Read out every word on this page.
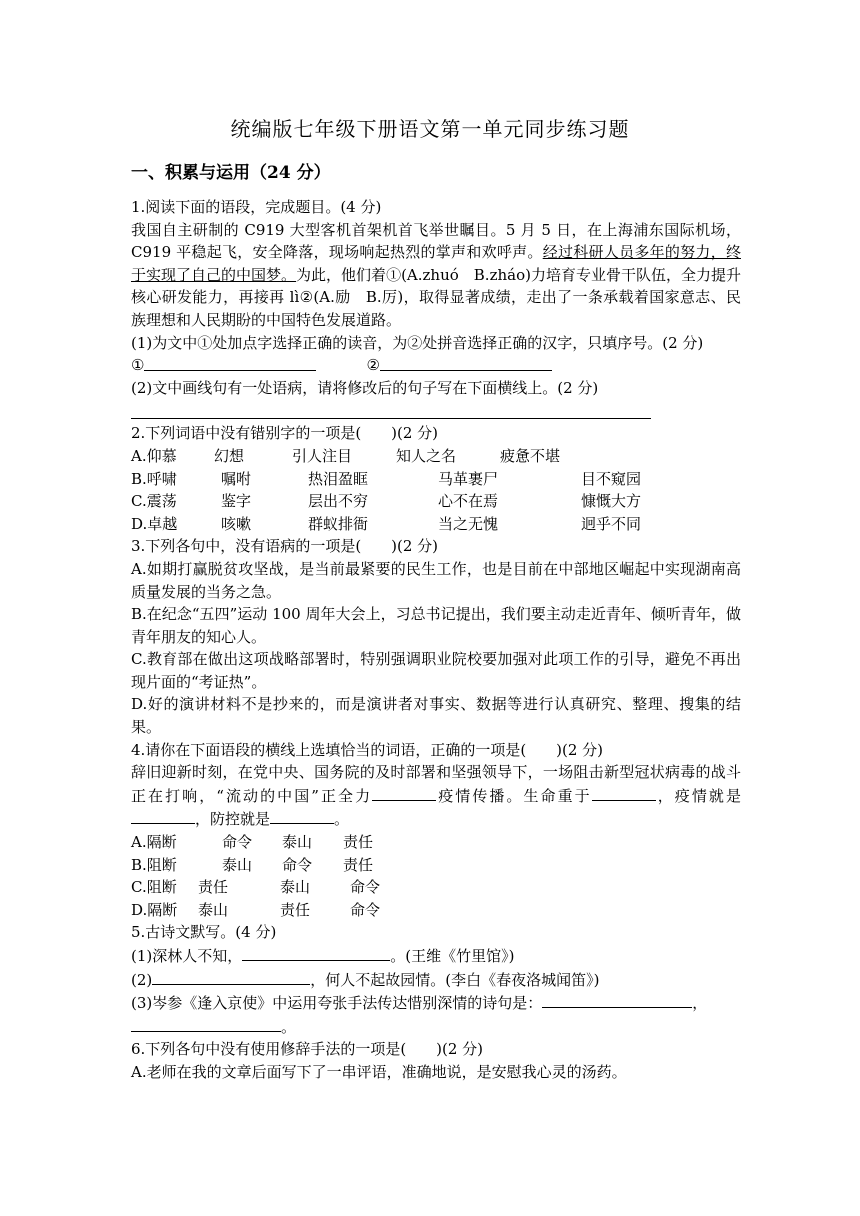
统编版七年级下册语文第一单元同步练习题
一、积累与运用（24 分）

1.阅读下面的语段，完成题目。(4 分)

我国自主研制的 C919 大型客机首架机首飞举世瞩目。5 月 5 日，在上海浦东国际机场，C919 平稳起飞，安全降落，现场响起热烈的掌声和欢呼声。经过科研人员多年的努力，终于实现了自己的中国梦。为此，他们着①(A.zhuó　B.zháo)力培育专业骨干队伍，全力提升核心研发能力，再接再 lì②(A.励　B.厉)，取得显著成绩，走出了一条承载着国家意志、民族理想和人民期盼的中国特色发展道路。

(1)为文中①处加点字选择正确的读音，为②处拼音选择正确的汉字，只填序号。(2 分)

①	②

(2)文中画线句有一处语病，请将修改后的句子写在下面横线上。(2 分)

2.下列词语中没有错别字的一项是(　　)(2 分)

A.仰慕	幻想	引人注目	知人之名	疲惫不堪
B.呼啸	嘱咐	热泪盈眶	马革裹尸	目不窥园
C.震荡	鉴字	层出不穷	心不在焉	慷慨大方
D.卓越	咳嗽	群蚁排衙	当之无愧	迥乎不同

3.下列各句中，没有语病的一项是(　　)(2 分)

A.如期打赢脱贫攻坚战，是当前最紧要的民生工作，也是目前在中部地区崛起中实现湖南高质量发展的当务之急。

B.在纪念“五四”运动 100 周年大会上，习总书记提出，我们要主动走近青年、倾听青年，做青年朋友的知心人。

C.教育部在做出这项战略部署时，特别强调职业院校要加强对此项工作的引导，避免不再出现片面的“考证热”。

D.好的演讲材料不是抄来的，而是演讲者对事实、数据等进行认真研究、整理、搜集的结果。

4.请你在下面语段的横线上选填恰当的词语，正确的一项是(　　)(2 分)

辞旧迎新时刻，在党中央、国务院的及时部署和坚强领导下，一场阻击新型冠状病毒的战斗正在打响，“流动的中国”正全力	疫情传播。生命重于	，疫情就是，防控就是	。

A.隔断	命令	泰山	责任
B.阻断	泰山	命令	责任
C.阻断	责任	泰山	命令
D.隔断	泰山	责任	命令

5.古诗文默写。(4 分)

(1)深林人不知，	。(王维《竹里馆》)

(2)	，何人不起故园情。(李白《春夜洛城闻笛》)

(3)岑参《逢入京使》中运用夸张手法传达惜别深情的诗句是：	，
。

6.下列各句中没有使用修辞手法的一项是(　　)(2 分)

A.老师在我的文章后面写下了一串评语，准确地说，是安慰我心灵的汤药。
